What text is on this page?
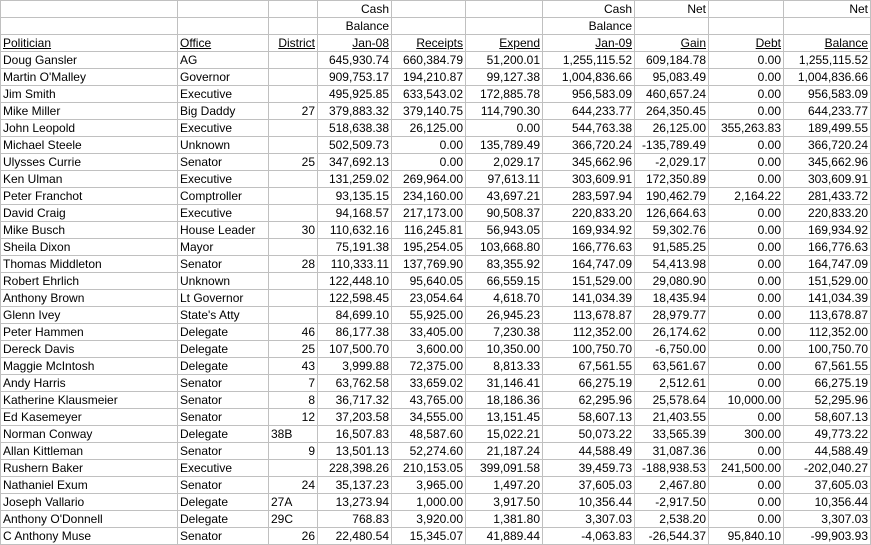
			Cash			Cash	Net		Net
			Balance			Balance			
Politician	Office	District	Jan-08	Receipts	Expend	Jan-09	Gain	Debt	Balance
Doug Gansler	AG		645,930.74	660,384.79	51,200.01	1,255,115.52	609,184.78	0.00	1,255,115.52
Martin O'Malley	Governor		909,753.17	194,210.87	99,127.38	1,004,836.66	95,083.49	0.00	1,004,836.66
Jim Smith	Executive		495,925.85	633,543.02	172,885.78	956,583.09	460,657.24	0.00	956,583.09
Mike Miller	Big Daddy	27	379,883.32	379,140.75	114,790.30	644,233.77	264,350.45	0.00	644,233.77
John Leopold	Executive		518,638.38	26,125.00	0.00	544,763.38	26,125.00	355,263.83	189,499.55
Michael Steele	Unknown		502,509.73	0.00	135,789.49	366,720.24	-135,789.49	0.00	366,720.24
Ulysses Currie	Senator	25	347,692.13	0.00	2,029.17	345,662.96	-2,029.17	0.00	345,662.96
Ken Ulman	Executive		131,259.02	269,964.00	97,613.11	303,609.91	172,350.89	0.00	303,609.91
Peter Franchot	Comptroller		93,135.15	234,160.00	43,697.21	283,597.94	190,462.79	2,164.22	281,433.72
David Craig	Executive		94,168.57	217,173.00	90,508.37	220,833.20	126,664.63	0.00	220,833.20
Mike Busch	House Leader	30	110,632.16	116,245.81	56,943.05	169,934.92	59,302.76	0.00	169,934.92
Sheila Dixon	Mayor		75,191.38	195,254.05	103,668.80	166,776.63	91,585.25	0.00	166,776.63
Thomas Middleton	Senator	28	110,333.11	137,769.90	83,355.92	164,747.09	54,413.98	0.00	164,747.09
Robert Ehrlich	Unknown		122,448.10	95,640.05	66,559.15	151,529.00	29,080.90	0.00	151,529.00
Anthony Brown	Lt Governor		122,598.45	23,054.64	4,618.70	141,034.39	18,435.94	0.00	141,034.39
Glenn Ivey	State's Atty		84,699.10	55,925.00	26,945.23	113,678.87	28,979.77	0.00	113,678.87
Peter Hammen	Delegate	46	86,177.38	33,405.00	7,230.38	112,352.00	26,174.62	0.00	112,352.00
Dereck Davis	Delegate	25	107,500.70	3,600.00	10,350.00	100,750.70	-6,750.00	0.00	100,750.70
Maggie McIntosh	Delegate	43	3,999.88	72,375.00	8,813.33	67,561.55	63,561.67	0.00	67,561.55
Andy Harris	Senator	7	63,762.58	33,659.02	31,146.41	66,275.19	2,512.61	0.00	66,275.19
Katherine Klausmeier	Senator	8	36,717.32	43,765.00	18,186.36	62,295.96	25,578.64	10,000.00	52,295.96
Ed Kasemeyer	Senator	12	37,203.58	34,555.00	13,151.45	58,607.13	21,403.55	0.00	58,607.13
Norman Conway	Delegate	38B	16,507.83	48,587.60	15,022.21	50,073.22	33,565.39	300.00	49,773.22
Allan Kittleman	Senator	9	13,501.13	52,274.60	21,187.24	44,588.49	31,087.36	0.00	44,588.49
Rushern Baker	Executive		228,398.26	210,153.05	399,091.58	39,459.73	-188,938.53	241,500.00	-202,040.27
Nathaniel Exum	Senator	24	35,137.23	3,965.00	1,497.20	37,605.03	2,467.80	0.00	37,605.03
Joseph Vallario	Delegate	27A	13,273.94	1,000.00	3,917.50	10,356.44	-2,917.50	0.00	10,356.44
Anthony O'Donnell	Delegate	29C	768.83	3,920.00	1,381.80	3,307.03	2,538.20	0.00	3,307.03
C Anthony Muse	Senator	26	22,480.54	15,345.07	41,889.44	-4,063.83	-26,544.37	95,840.10	-99,903.93
